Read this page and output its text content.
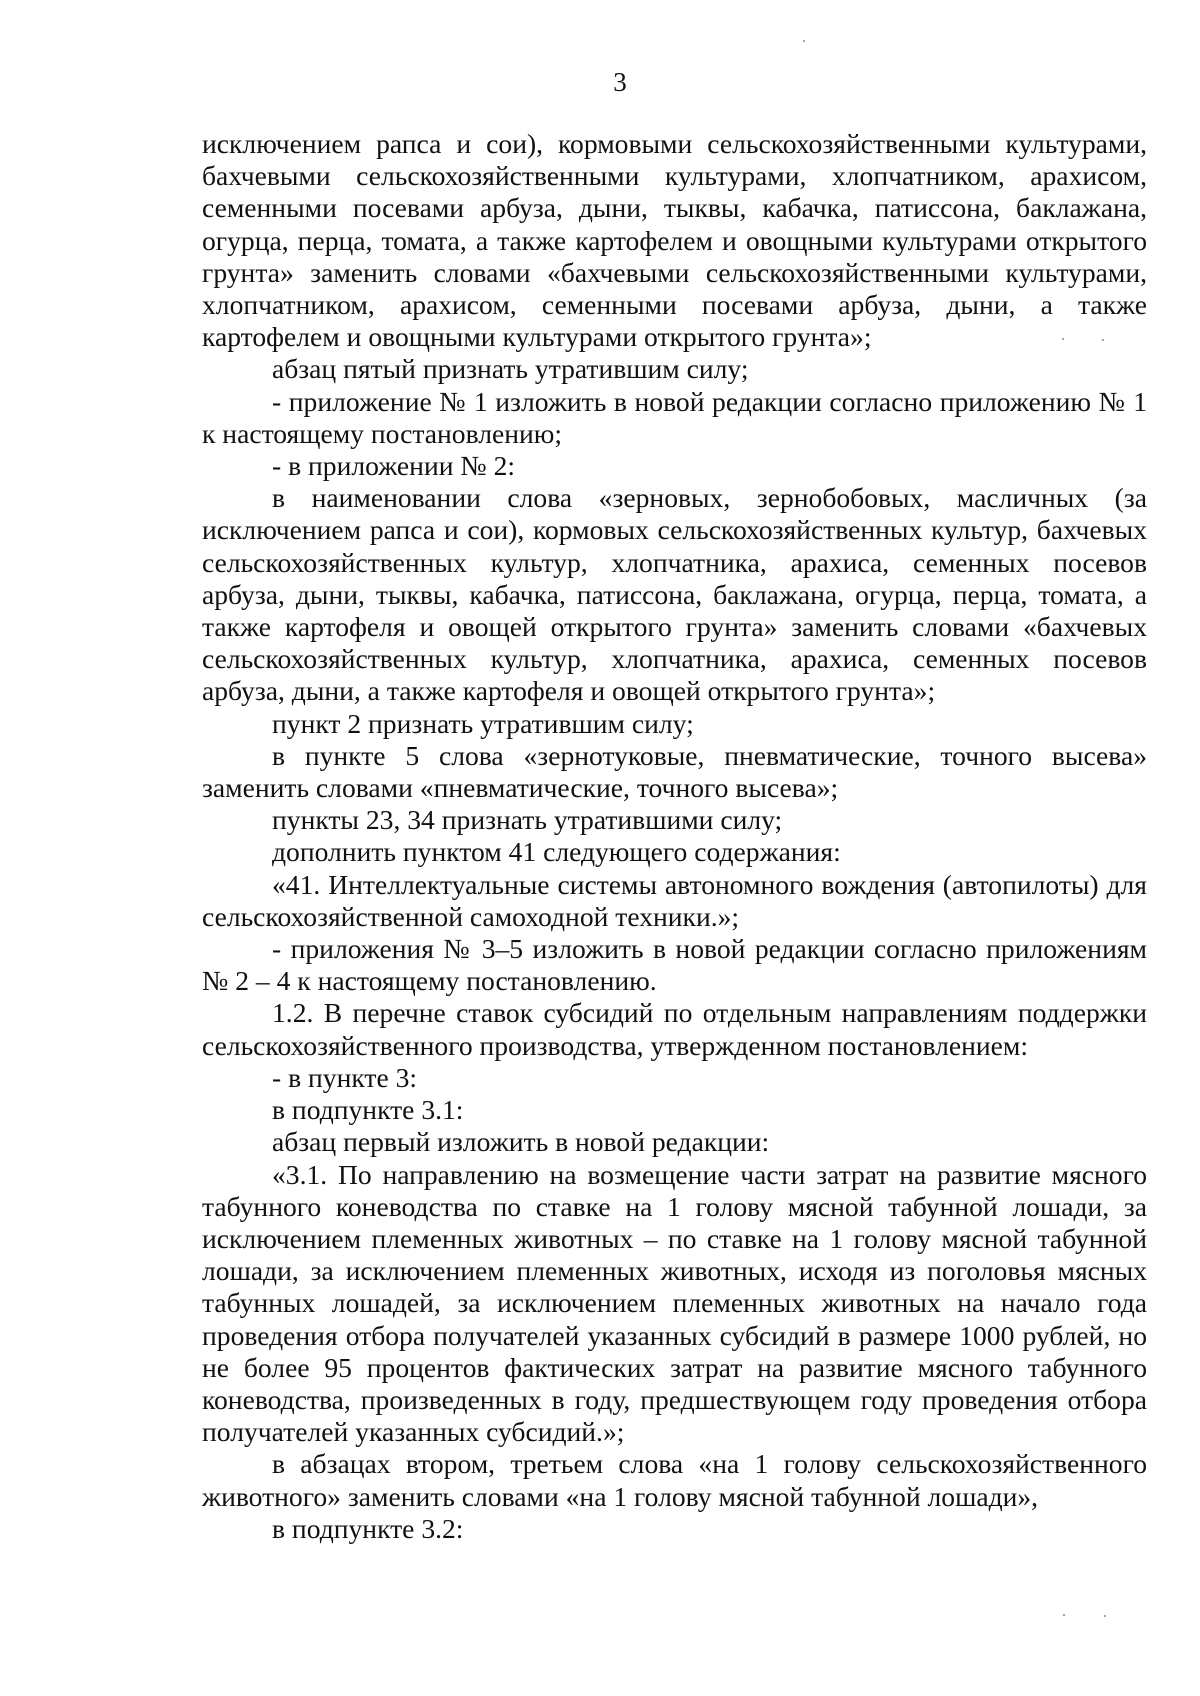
3

исключением рапса и сои), кормовыми сельскохозяйственными культурами, бахчевыми сельскохозяйственными культурами, хлопчатником, арахисом, семенными посевами арбуза, дыни, тыквы, кабачка, патиссона, баклажана, огурца, перца, томата, а также картофелем и овощными культурами открытого грунта» заменить словами «бахчевыми сельскохозяйственными культурами, хлопчатником, арахисом, семенными посевами арбуза, дыни, а также картофелем и овощными культурами открытого грунта»;

абзац пятый признать утратившим силу;

- приложение № 1 изложить в новой редакции согласно приложению № 1 к настоящему постановлению;

- в приложении № 2:

в наименовании слова «зерновых, зернобобовых, масличных (за исключением рапса и сои), кормовых сельскохозяйственных культур, бахчевых сельскохозяйственных культур, хлопчатника, арахиса, семенных посевов арбуза, дыни, тыквы, кабачка, патиссона, баклажана, огурца, перца, томата, а также картофеля и овощей открытого грунта» заменить словами «бахчевых сельскохозяйственных культур, хлопчатника, арахиса, семенных посевов арбуза, дыни, а также картофеля и овощей открытого грунта»;

пункт 2 признать утратившим силу;

в пункте 5 слова «зернотуковые, пневматические, точного высева» заменить словами «пневматические, точного высева»;

пункты 23, 34 признать утратившими силу;

дополнить пунктом 41 следующего содержания:

«41. Интеллектуальные системы автономного вождения (автопилоты) для сельскохозяйственной самоходной техники.»;

- приложения № 3–5 изложить в новой редакции согласно приложениям № 2 – 4 к настоящему постановлению.

1.2. В перечне ставок субсидий по отдельным направлениям поддержки сельскохозяйственного производства, утвержденном постановлением:

- в пункте 3:

в подпункте 3.1:

абзац первый изложить в новой редакции:

«3.1. По направлению на возмещение части затрат на развитие мясного табунного коневодства по ставке на 1 голову мясной табунной лошади, за исключением племенных животных – по ставке на 1 голову мясной табунной лошади, за исключением племенных животных, исходя из поголовья мясных табунных лошадей, за исключением племенных животных на начало года проведения отбора получателей указанных субсидий в размере 1000 рублей, но не более 95 процентов фактических затрат на развитие мясного табунного коневодства, произведенных в году, предшествующем году проведения отбора получателей указанных субсидий.»;

в абзацах втором, третьем слова «на 1 голову сельскохозяйственного животного» заменить словами «на 1 голову мясной табунной лошади»,

в подпункте 3.2:
